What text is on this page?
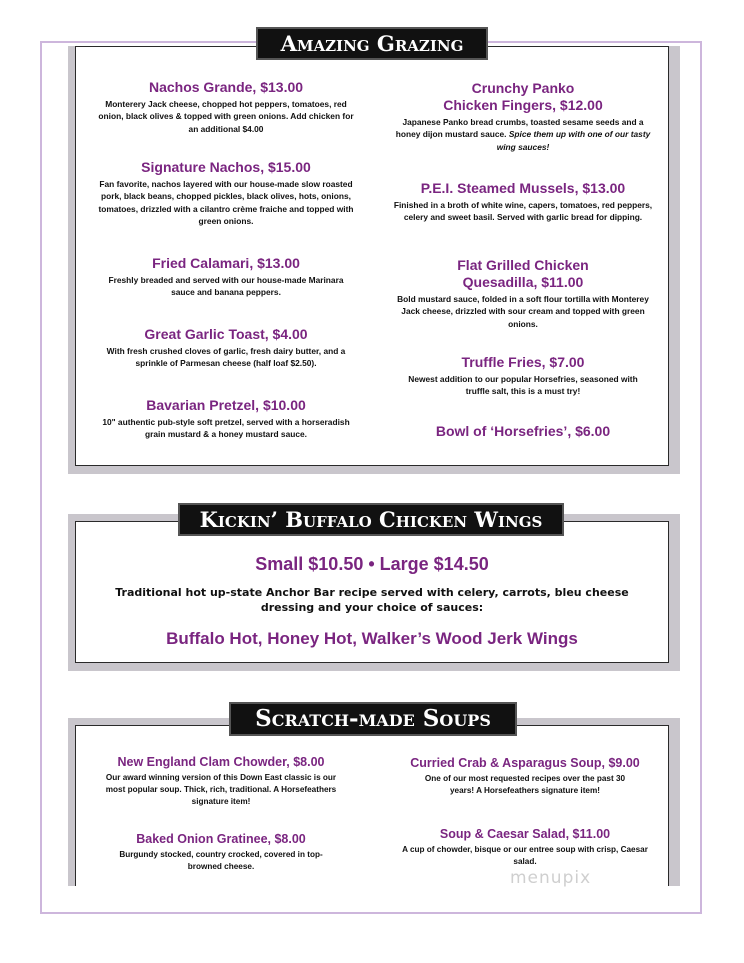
Amazing Grazing
Nachos Grande, $13.00
Monterery Jack cheese, chopped hot peppers, tomatoes, red onion, black olives & topped with green onions. Add chicken for an additional $4.00
Signature Nachos, $15.00
Fan favorite, nachos layered with our house-made slow roasted pork, black beans, chopped pickles, black olives, hots, onions, tomatoes, drizzled with a cilantro crème fraiche and topped with green onions.
Fried Calamari, $13.00
Freshly breaded and served with our house-made Marinara sauce and banana peppers.
Great Garlic Toast, $4.00
With fresh crushed cloves of garlic, fresh dairy butter, and a sprinkle of Parmesan cheese (half loaf $2.50).
Bavarian Pretzel, $10.00
10" authentic pub-style soft pretzel, served with a horseradish grain mustard & a honey mustard sauce.
Crunchy Panko
Chicken Fingers, $12.00
Japanese Panko bread crumbs, toasted sesame seeds and a honey dijon mustard sauce. Spice them up with one of our tasty wing sauces!
P.E.I. Steamed Mussels, $13.00
Finished in a broth of white wine, capers, tomatoes, red peppers, celery and sweet basil. Served with garlic bread for dipping.
Flat Grilled Chicken
Quesadilla, $11.00
Bold mustard sauce, folded in a soft flour tortilla with Monterey Jack cheese, drizzled with sour cream and topped with green onions.
Truffle Fries, $7.00
Newest addition to our popular Horsefries, seasoned with truffle salt, this is a must try!
Bowl of ‘Horsefries’, $6.00
Kickin’ Buffalo Chicken Wings
Small $10.50 • Large $14.50
Traditional hot up-state Anchor Bar recipe served with celery, carrots, bleu cheese dressing and your choice of sauces:
Buffalo Hot, Honey Hot, Walker’s Wood Jerk Wings
Scratch-made Soups
New England Clam Chowder, $8.00
Our award winning version of this Down East classic is our most popular soup. Thick, rich, traditional. A Horsefeathers signature item!
Curried Crab & Asparagus Soup, $9.00
One of our most requested recipes over the past 30 years! A Horsefeathers signature item!
Baked Onion Gratinee, $8.00
Burgundy stocked, country crocked, covered in top-browned cheese.
Soup & Caesar Salad, $11.00
A cup of chowder, bisque or our entree soup with crisp, Caesar salad.
menupix
